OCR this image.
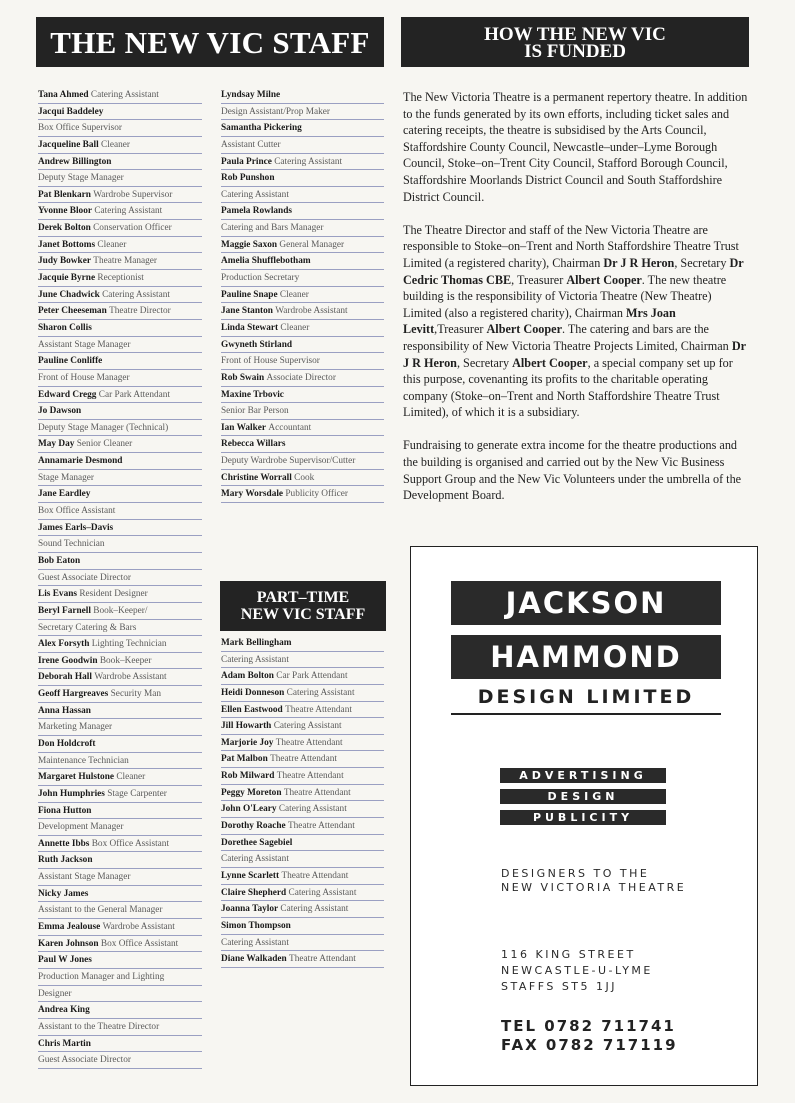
THE NEW VIC STAFF	HOW THE NEW VIC
IS FUNDED
Tana Ahmed Catering Assistant
Jacqui Baddeley
Box Office Supervisor
Jacqueline Ball Cleaner
Andrew Billington
Deputy Stage Manager
Pat Blenkarn Wardrobe Supervisor
Yvonne Bloor Catering Assistant
Derek Bolton Conservation Officer
Janet Bottoms Cleaner
Judy Bowker Theatre Manager
Jacquie Byrne Receptionist
June Chadwick Catering Assistant
Peter Cheeseman Theatre Director
Sharon Collis
Assistant Stage Manager
Pauline Conliffe
Front of House Manager
Edward Cregg Car Park Attendant
Jo Dawson
Deputy Stage Manager (Technical)
May Day Senior Cleaner
Annamarie Desmond
Stage Manager
Jane Eardley
Box Office Assistant
James Earls–Davis
Sound Technician
Bob Eaton
Guest Associate Director
Lis Evans Resident Designer
Beryl Farnell Book–Keeper/
Secretary Catering & Bars
Alex Forsyth Lighting Technician
Irene Goodwin Book–Keeper
Deborah Hall Wardrobe Assistant
Geoff Hargreaves Security Man
Anna Hassan
Marketing Manager
Don Holdcroft
Maintenance Technician
Margaret Hulstone Cleaner
John Humphries Stage Carpenter
Fiona Hutton
Development Manager
Annette Ibbs Box Office Assistant
Ruth Jackson
Assistant Stage Manager
Nicky James
Assistant to the General Manager
Emma Jealouse Wardrobe Assistant
Karen Johnson Box Office Assistant
Paul W Jones
Production Manager and Lighting
Designer
Andrea King
Assistant to the Theatre Director
Chris Martin
Guest Associate Director
Lyndsay Milne
Design Assistant/Prop Maker
Samantha Pickering
Assistant Cutter
Paula Prince Catering Assistant
Rob Punshon
Catering Assistant
Pamela Rowlands
Catering and Bars Manager
Maggie Saxon General Manager
Amelia Shufflebotham
Production Secretary
Pauline Snape Cleaner
Jane Stanton Wardrobe Assistant
Linda Stewart Cleaner
Gwyneth Stirland
Front of House Supervisor
Rob Swain Associate Director
Maxine Trbovic
Senior Bar Person
Ian Walker Accountant
Rebecca Willars
Deputy Wardrobe Supervisor/Cutter
Christine Worrall Cook
Mary Worsdale Publicity Officer
PART–TIME
NEW VIC STAFF
Mark Bellingham
Catering Assistant
Adam Bolton Car Park Attendant
Heidi Donneson Catering Assistant
Ellen Eastwood Theatre Attendant
Jill Howarth Catering Assistant
Marjorie Joy Theatre Attendant
Pat Malbon Theatre Attendant
Rob Milward Theatre Attendant
Peggy Moreton Theatre Attendant
John O'Leary Catering Assistant
Dorothy Roache Theatre Attendant
Dorethee Sagebiel
Catering Assistant
Lynne Scarlett Theatre Attendant
Claire Shepherd Catering Assistant
Joanna Taylor Catering Assistant
Simon Thompson
Catering Assistant
Diane Walkaden Theatre Attendant

The New Victoria Theatre is a permanent repertory theatre. In addition to the funds generated by its own efforts, including ticket sales and catering receipts, the theatre is subsidised by the Arts Council, Staffordshire County Council, Newcastle–under–Lyme Borough Council, Stoke–on–Trent City Council, Stafford Borough Council, Staffordshire Moorlands District Council and South Staffordshire District Council.

The Theatre Director and staff of the New Victoria Theatre are responsible to Stoke–on–Trent and North Staffordshire Theatre Trust Limited (a registered charity), Chairman Dr J R Heron, Secretary Dr Cedric Thomas CBE, Treasurer Albert Cooper. The new theatre building is the responsibility of Victoria Theatre (New Theatre) Limited (also a registered charity), Chairman Mrs Joan Levitt,Treasurer Albert Cooper. The catering and bars are the responsibility of New Victoria Theatre Projects Limited, Chairman Dr J R Heron, Secretary Albert Cooper, a special company set up for this purpose, covenanting its profits to the charitable operating company (Stoke–on–Trent and North Staffordshire Theatre Trust Limited), of which it is a subsidiary.

Fundraising to generate extra income for the theatre productions and the building is organised and carried out by the New Vic Business Support Group and the New Vic Volunteers under the umbrella of the Development Board.

JACKSON
HAMMOND
DESIGN LIMITED
ADVERTISING
DESIGN
PUBLICITY
DESIGNERS TO THE
NEW VICTORIA THEATRE
116 KING STREET
NEWCASTLE-U-LYME
STAFFS ST5 1JJ
TEL 0782 711741
FAX 0782 717119
